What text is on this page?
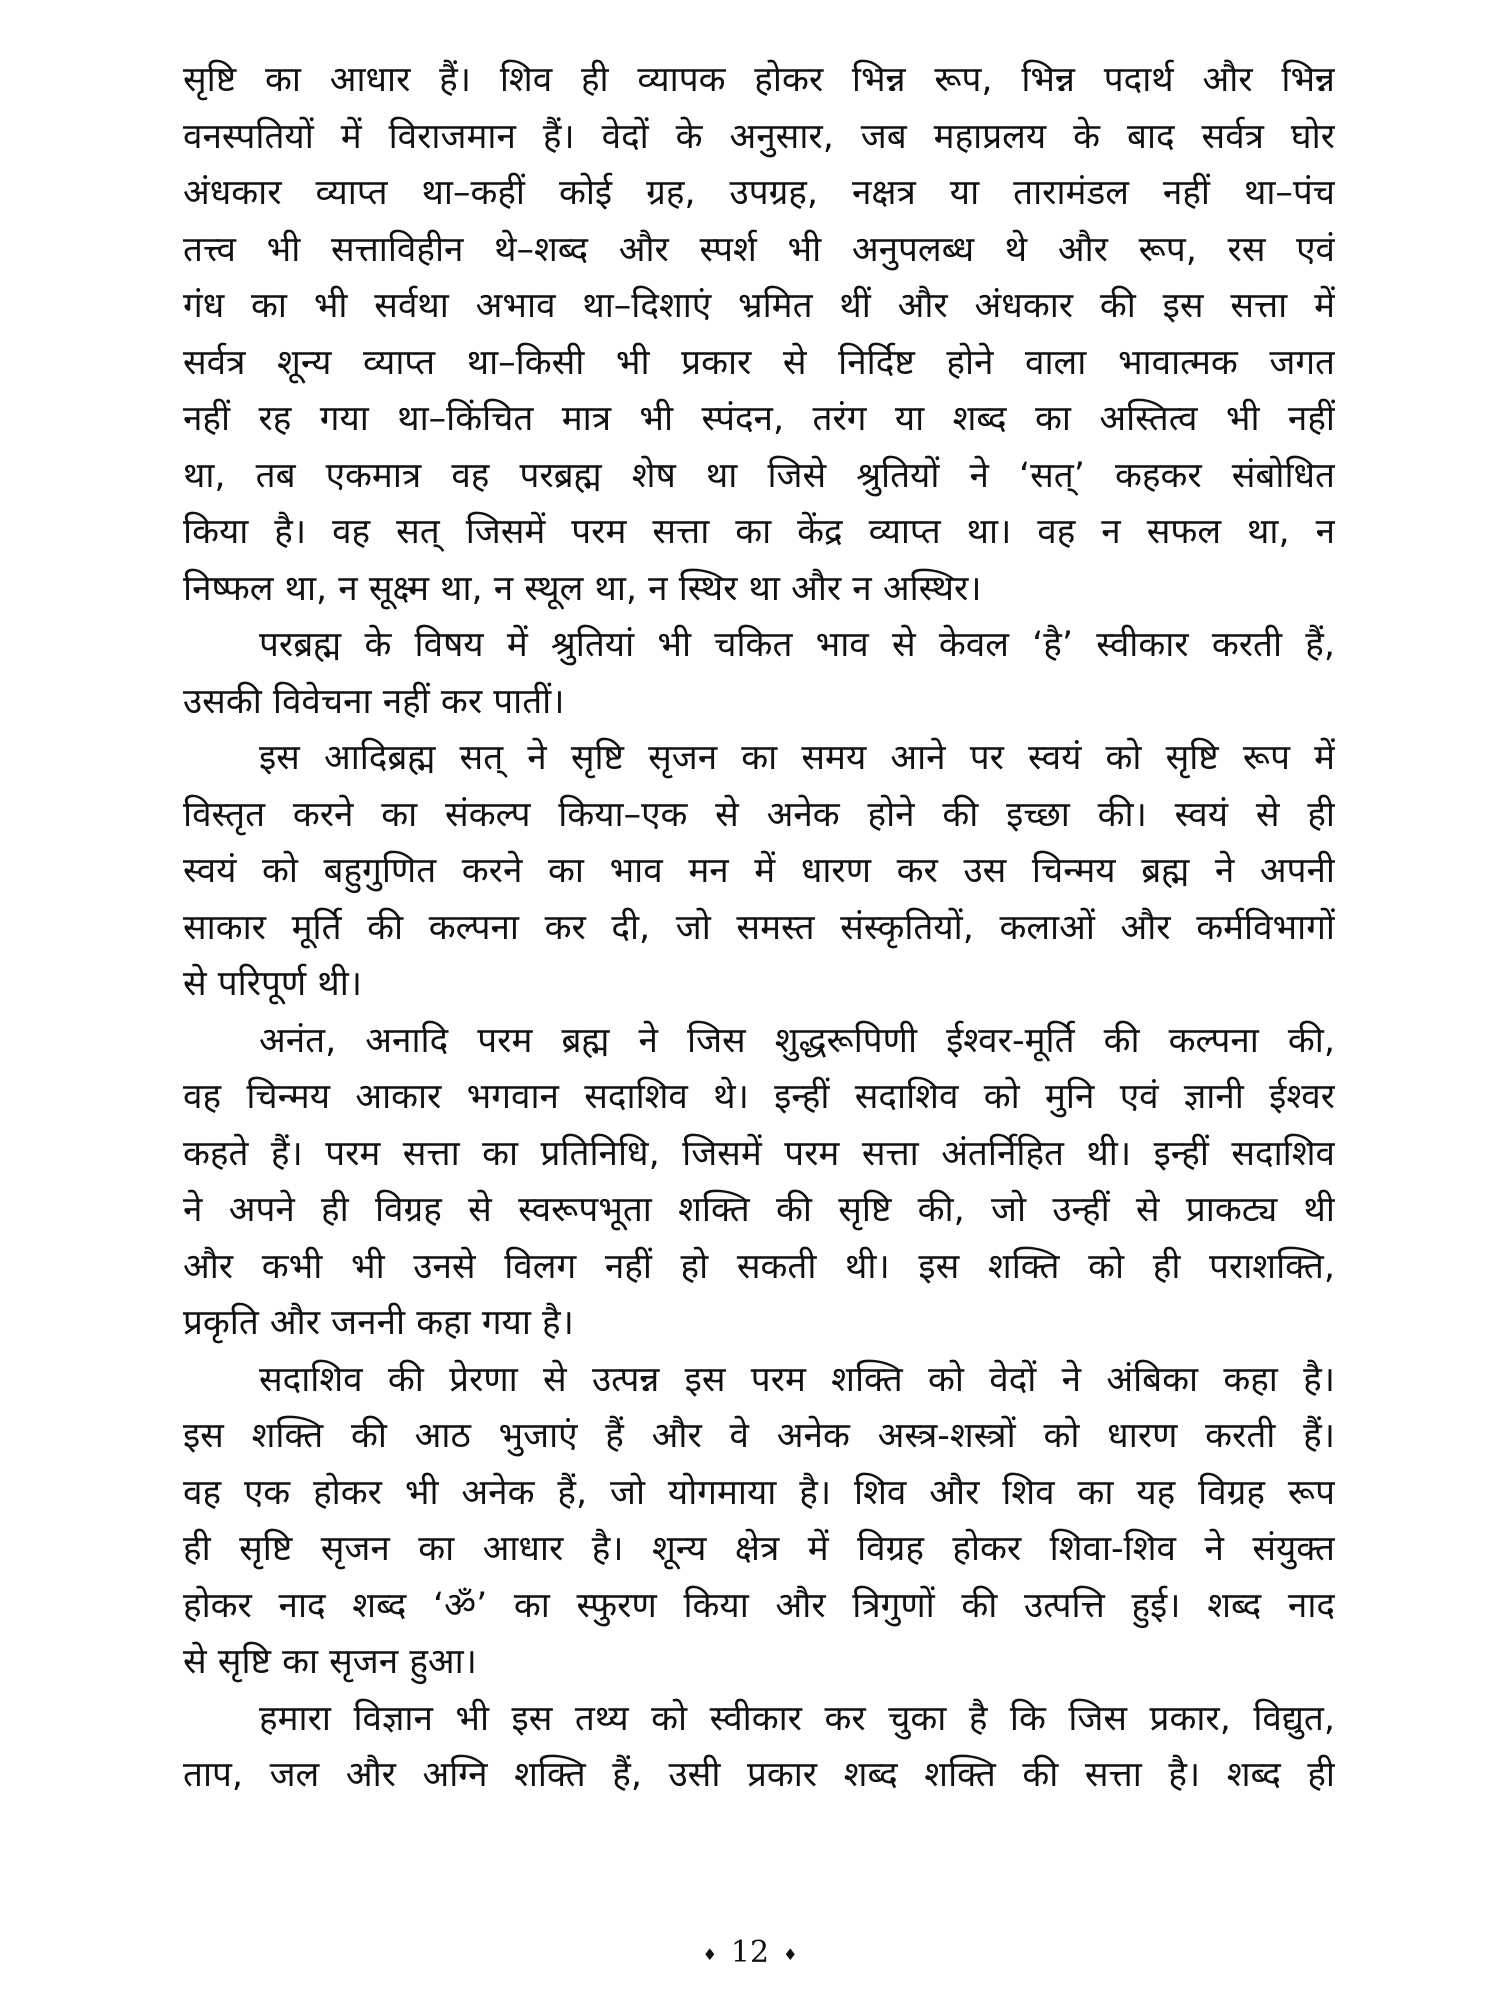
सृष्टि का आधार हैं। शिव ही व्यापक होकर भिन्न रूप, भिन्न पदार्थ और भिन्न
वनस्पतियों में विराजमान हैं। वेदों के अनुसार, जब महाप्रलय के बाद सर्वत्र घोर
अंधकार व्याप्त था–कहीं कोई ग्रह, उपग्रह, नक्षत्र या तारामंडल नहीं था–पंच
तत्त्व भी सत्ताविहीन थे–शब्द और स्पर्श भी अनुपलब्ध थे और रूप, रस एवं
गंध का भी सर्वथा अभाव था–दिशाएं भ्रमित थीं और अंधकार की इस सत्ता में
सर्वत्र शून्य व्याप्त था–किसी भी प्रकार से निर्दिष्ट होने वाला भावात्मक जगत
नहीं रह गया था–किंचित मात्र भी स्पंदन, तरंग या शब्द का अस्तित्व भी नहीं
था, तब एकमात्र वह परब्रह्म शेष था जिसे श्रुतियों ने ‘सत्’ कहकर संबोधित
किया है। वह सत् जिसमें परम सत्ता का केंद्र व्याप्त था। वह न सफल था, न
निष्फल था, न सूक्ष्म था, न स्थूल था, न स्थिर था और न अस्थिर।
परब्रह्म के विषय में श्रुतियां भी चकित भाव से केवल ‘है’ स्वीकार करती हैं,
उसकी विवेचना नहीं कर पातीं।
इस आदिब्रह्म सत् ने सृष्टि सृजन का समय आने पर स्वयं को सृष्टि रूप में
विस्तृत करने का संकल्प किया–एक से अनेक होने की इच्छा की। स्वयं से ही
स्वयं को बहुगुणित करने का भाव मन में धारण कर उस चिन्मय ब्रह्म ने अपनी
साकार मूर्ति की कल्पना कर दी, जो समस्त संस्कृतियों, कलाओं और कर्मविभागों
से परिपूर्ण थी।
अनंत, अनादि परम ब्रह्म ने जिस शुद्धरूपिणी ईश्वर-मूर्ति की कल्पना की,
वह चिन्मय आकार भगवान सदाशिव थे। इन्हीं सदाशिव को मुनि एवं ज्ञानी ईश्वर
कहते हैं। परम सत्ता का प्रतिनिधि, जिसमें परम सत्ता अंतर्निहित थी। इन्हीं सदाशिव
ने अपने ही विग्रह से स्वरूपभूता शक्ति की सृष्टि की, जो उन्हीं से प्राकट्य थी
और कभी भी उनसे विलग नहीं हो सकती थी। इस शक्ति को ही पराशक्ति,
प्रकृति और जननी कहा गया है।
सदाशिव की प्रेरणा से उत्पन्न इस परम शक्ति को वेदों ने अंबिका कहा है।
इस शक्ति की आठ भुजाएं हैं और वे अनेक अस्त्र-शस्त्रों को धारण करती हैं।
वह एक होकर भी अनेक हैं, जो योगमाया है। शिव और शिव का यह विग्रह रूप
ही सृष्टि सृजन का आधार है। शून्य क्षेत्र में विग्रह होकर शिवा-शिव ने संयुक्त
होकर नाद शब्द ‘ॐ’ का स्फुरण किया और त्रिगुणों की उत्पत्ति हुई। शब्द नाद
से सृष्टि का सृजन हुआ।
हमारा विज्ञान भी इस तथ्य को स्वीकार कर चुका है कि जिस प्रकार, विद्युत,
ताप, जल और अग्नि शक्ति हैं, उसी प्रकार शब्द शक्ति की सत्ता है। शब्द ही
♦ 12 ♦
